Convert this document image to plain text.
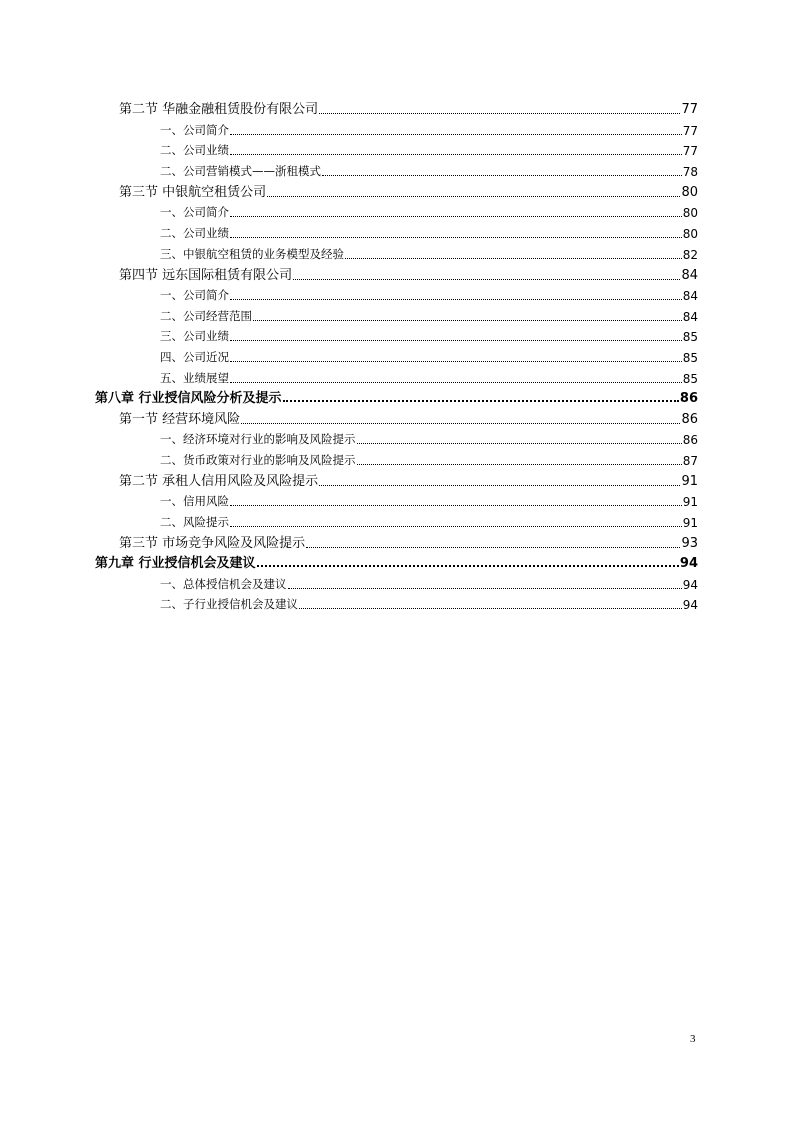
第二节 华融金融租赁股份有限公司	77
一、公司简介	77
二、公司业绩	77
二、公司营销模式——浙租模式	78
第三节 中银航空租赁公司	80
一、公司简介	80
二、公司业绩	80
三、中银航空租赁的业务模型及经验	82
第四节 远东国际租赁有限公司	84
一、公司简介	84
二、公司经营范围	84
三、公司业绩	85
四、公司近况	85
五、业绩展望	85
第八章 行业授信风险分析及提示	86
第一节 经营环境风险	86
一、经济环境对行业的影响及风险提示	86
二、货币政策对行业的影响及风险提示	87
第二节 承租人信用风险及风险提示	91
一、信用风险	91
二、风险提示	91
第三节 市场竞争风险及风险提示	93
第九章 行业授信机会及建议	94
一、总体授信机会及建议	94
二、子行业授信机会及建议	94
3
